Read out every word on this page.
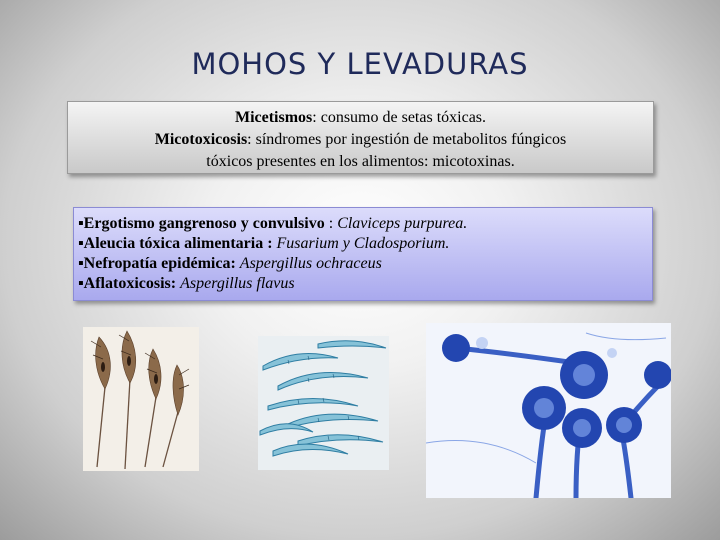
MOHOS Y LEVADURAS
Micetismos: consumo de setas tóxicas.
Micotoxicosis: síndromes por ingestión de metabolitos fúngicos
tóxicos presentes en los alimentos: micotoxinas.
▪Ergotismo gangrenoso y convulsivo : Claviceps purpurea.
▪Aleucia tóxica alimentaria : Fusarium y Cladosporium.
▪Nefropatía epidémica: Aspergillus ochraceus
▪Aflatoxicosis: Aspergillus flavus
